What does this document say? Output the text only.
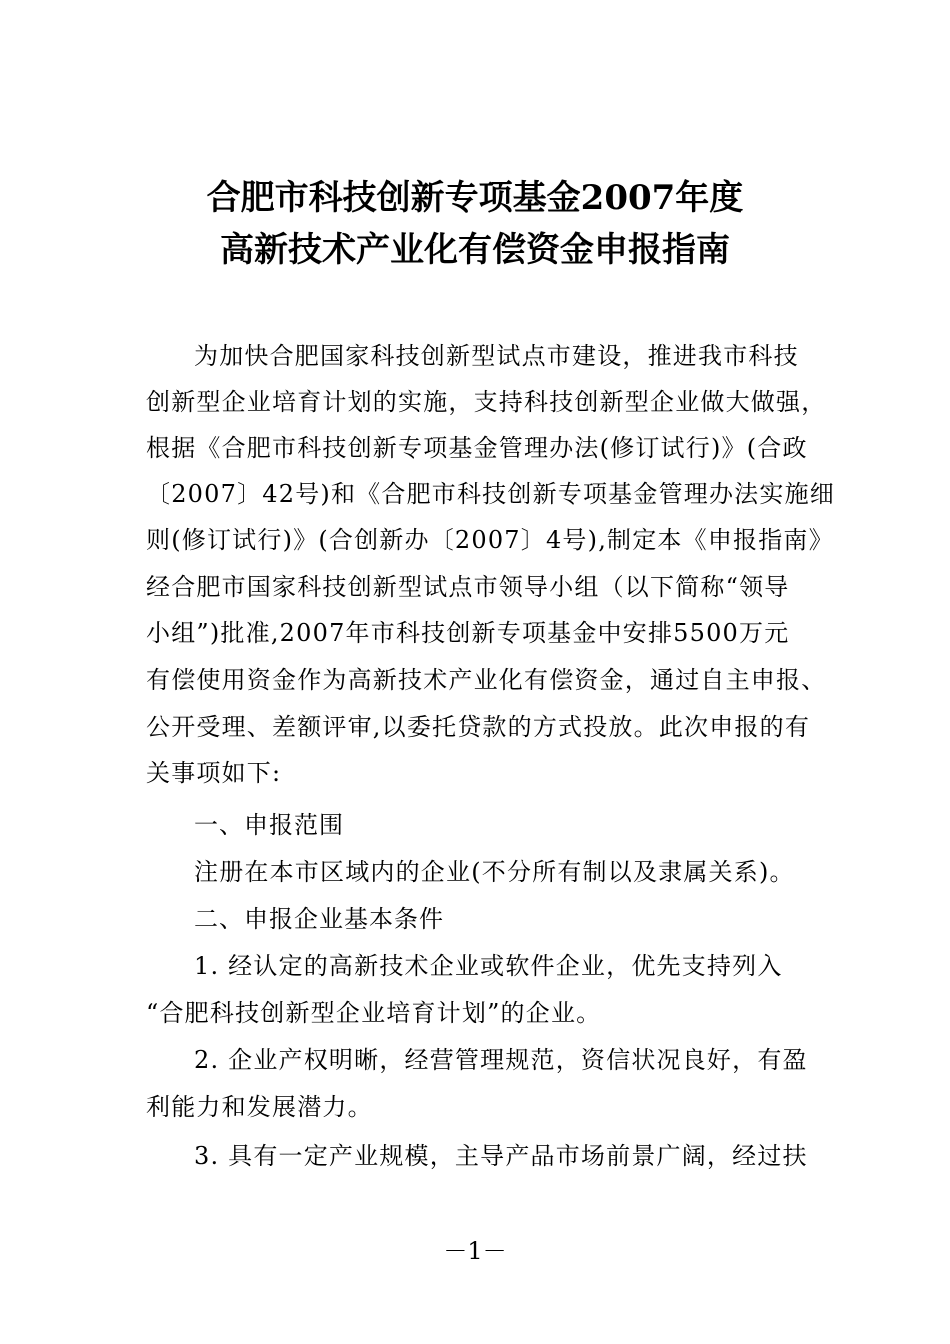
合肥市科技创新专项基金2007年度
高新技术产业化有偿资金申报指南
为加快合肥国家科技创新型试点市建设，推进我市科技
创新型企业培育计划的实施，支持科技创新型企业做大做强，
根据《合肥市科技创新专项基金管理办法(修订试行)》(合政
〔2007〕42号)和《合肥市科技创新专项基金管理办法实施细
则(修订试行)》(合创新办〔2007〕4号),制定本《申报指南》
经合肥市国家科技创新型试点市领导小组（以下简称“领导
小组”)批准,2007年市科技创新专项基金中安排5500万元
有偿使用资金作为高新技术产业化有偿资金，通过自主申报、
公开受理、差额评审,以委托贷款的方式投放。此次申报的有
关事项如下:
一、申报范围
注册在本市区域内的企业(不分所有制以及隶属关系)。
二、申报企业基本条件
1. 经认定的高新技术企业或软件企业，优先支持列入
“合肥科技创新型企业培育计划”的企业。
2. 企业产权明晰，经营管理规范，资信状况良好，有盈
利能力和发展潜力。
3. 具有一定产业规模，主导产品市场前景广阔，经过扶
－1－
